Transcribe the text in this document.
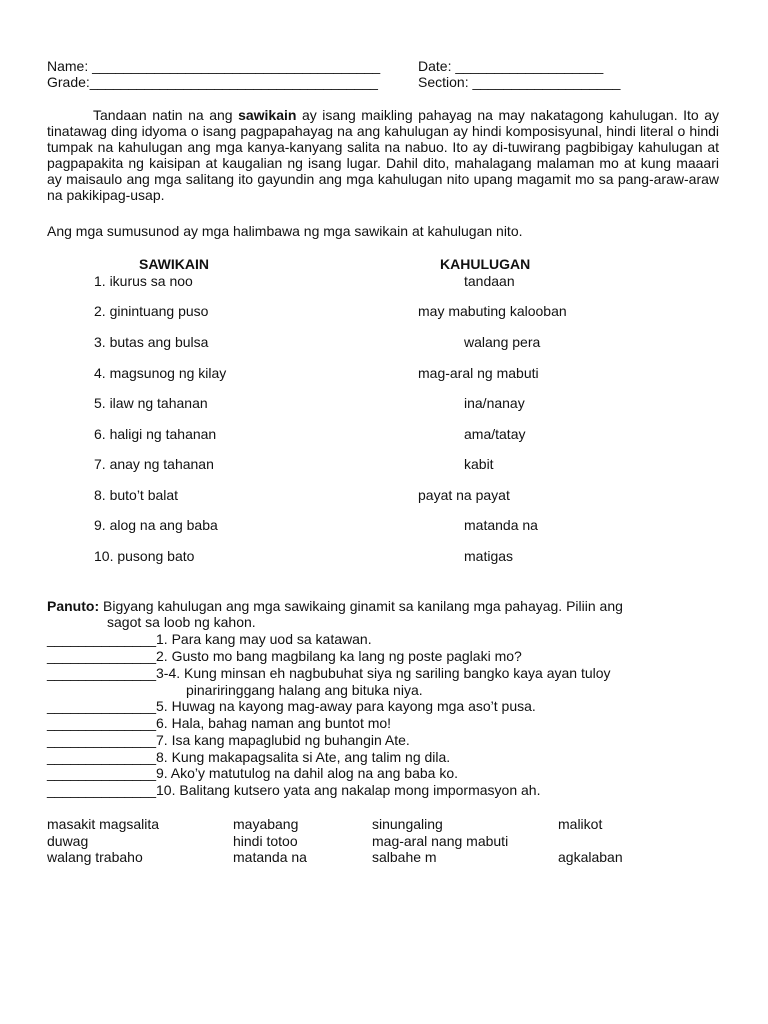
Name: _____________________________________	Date: ___________________
Grade:_____________________________________	Section: ___________________
Tandaan natin na ang sawikain ay isang maikling pahayag na may nakatagong kahulugan. Ito ay tinatawag ding idyoma o isang pagpapahayag na ang kahulugan ay hindi komposisyunal, hindi literal o hindi tumpak na kahulugan ang mga kanya-kanyang salita na nabuo. Ito ay di-tuwirang pagbibigay kahulugan at pagpapakita ng kaisipan at kaugalian ng isang lugar. Dahil dito, mahalagang malaman mo at kung maaari ay maisaulo ang mga salitang ito gayundin ang mga kahulugan nito upang magamit mo sa pang-araw-araw na pakikipag-usap.
Ang mga sumusunod ay mga halimbawa ng mga sawikain at kahulugan nito.
SAWIKAIN	KAHULUGAN
1. ikurus sa noo	tandaan
2. ginintuang puso	may mabuting kalooban
3. butas ang bulsa	walang pera
4. magsunog ng kilay	mag-aral ng mabuti
5. ilaw ng tahanan	ina/nanay
6. haligi ng tahanan	ama/tatay
7. anay ng tahanan	kabit
8. buto’t balat	payat na payat
9. alog na ang baba	matanda na
10. pusong bato	matigas
Panuto: Bigyang kahulugan ang mga sawikaing ginamit sa kanilang mga pahayag. Piliin ang
sagot sa loob ng kahon.
______________1. Para kang may uod sa katawan.
______________2. Gusto mo bang magbilang ka lang ng poste paglaki mo?
______________3-4. Kung minsan eh nagbubuhat siya ng sariling bangko kaya ayan tuloy
______________5. Huwag na kayong mag-away para kayong mga aso’t pusa.
______________6. Hala, bahag naman ang buntot mo!
______________7. Isa kang mapaglubid ng buhangin Ate.
______________8. Kung makapagsalita si Ate, ang talim ng dila.
______________9. Ako’y matutulog na dahil alog na ang baba ko.
______________10. Balitang kutsero yata ang nakalap mong impormasyon ah.
pinariringgang halang ang bituka niya.
masakit magsalita	mayabang	sinungaling	malikot
duwag	hindi totoo	mag-aral nang mabuti
walang trabaho	matanda na	salbahe m	agkalaban
